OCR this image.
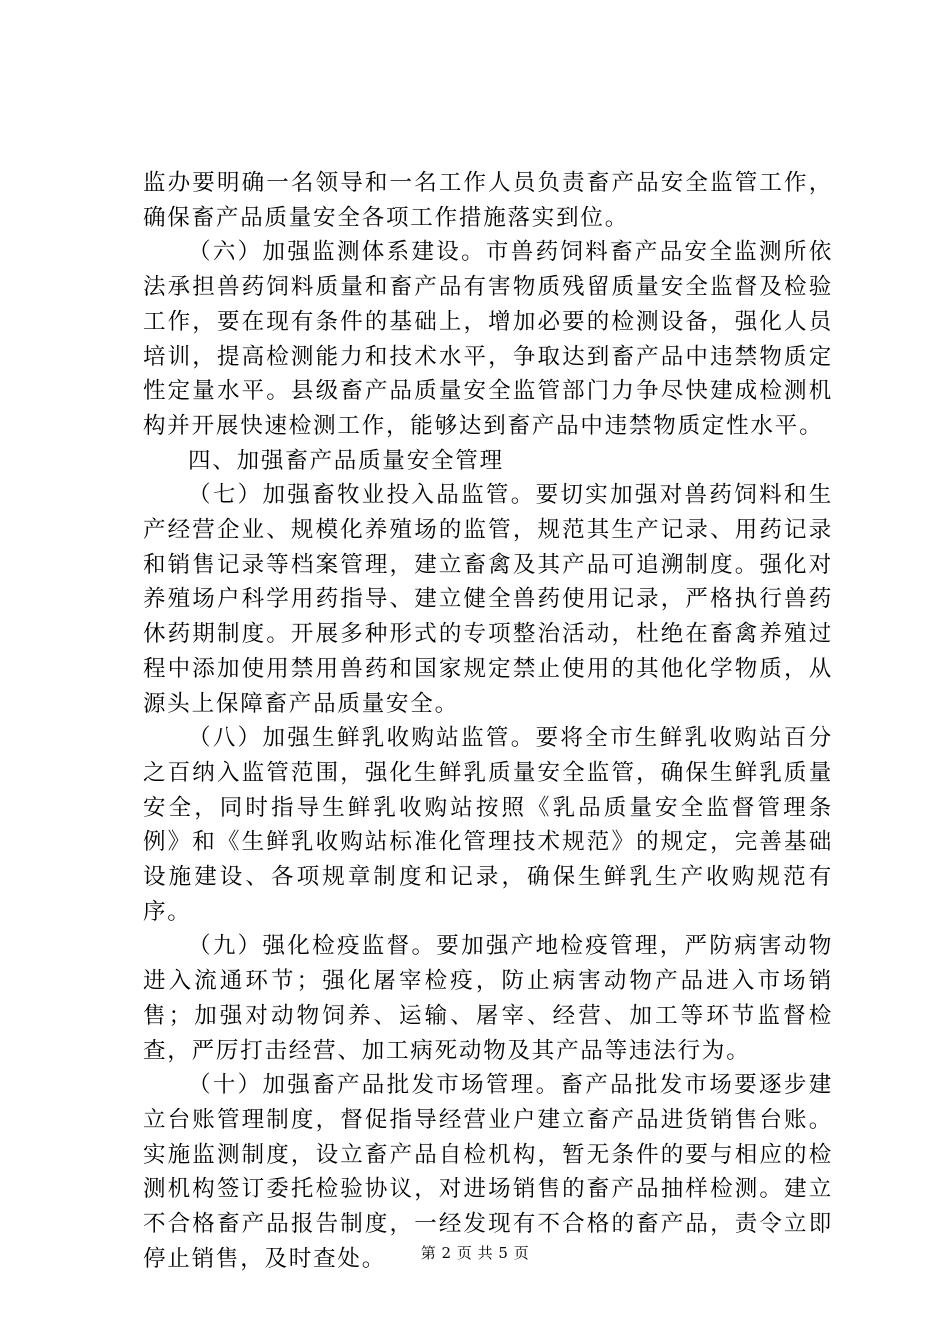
监办要明确一名领导和一名工作人员负责畜产品安全监管工作，确保畜产品质量安全各项工作措施落实到位。

（六）加强监测体系建设。市兽药饲料畜产品安全监测所依法承担兽药饲料质量和畜产品有害物质残留质量安全监督及检验工作，要在现有条件的基础上，增加必要的检测设备，强化人员培训，提高检测能力和技术水平，争取达到畜产品中违禁物质定性定量水平。县级畜产品质量安全监管部门力争尽快建成检测机构并开展快速检测工作，能够达到畜产品中违禁物质定性水平。

四、加强畜产品质量安全管理

（七）加强畜牧业投入品监管。要切实加强对兽药饲料和生产经营企业、规模化养殖场的监管，规范其生产记录、用药记录和销售记录等档案管理，建立畜禽及其产品可追溯制度。强化对养殖场户科学用药指导、建立健全兽药使用记录，严格执行兽药休药期制度。开展多种形式的专项整治活动，杜绝在畜禽养殖过程中添加使用禁用兽药和国家规定禁止使用的其他化学物质，从源头上保障畜产品质量安全。

（八）加强生鲜乳收购站监管。要将全市生鲜乳收购站百分之百纳入监管范围，强化生鲜乳质量安全监管，确保生鲜乳质量安全，同时指导生鲜乳收购站按照《乳品质量安全监督管理条例》和《生鲜乳收购站标准化管理技术规范》的规定，完善基础设施建设、各项规章制度和记录，确保生鲜乳生产收购规范有序。

（九）强化检疫监督。要加强产地检疫管理，严防病害动物进入流通环节；强化屠宰检疫，防止病害动物产品进入市场销售；加强对动物饲养、运输、屠宰、经营、加工等环节监督检查，严厉打击经营、加工病死动物及其产品等违法行为。

（十）加强畜产品批发市场管理。畜产品批发市场要逐步建立台账管理制度，督促指导经营业户建立畜产品进货销售台账。实施监测制度，设立畜产品自检机构，暂无条件的要与相应的检测机构签订委托检验协议，对进场销售的畜产品抽样检测。建立不合格畜产品报告制度，一经发现有不合格的畜产品，责令立即停止销售，及时查处。	第 2 页 共 5 页
